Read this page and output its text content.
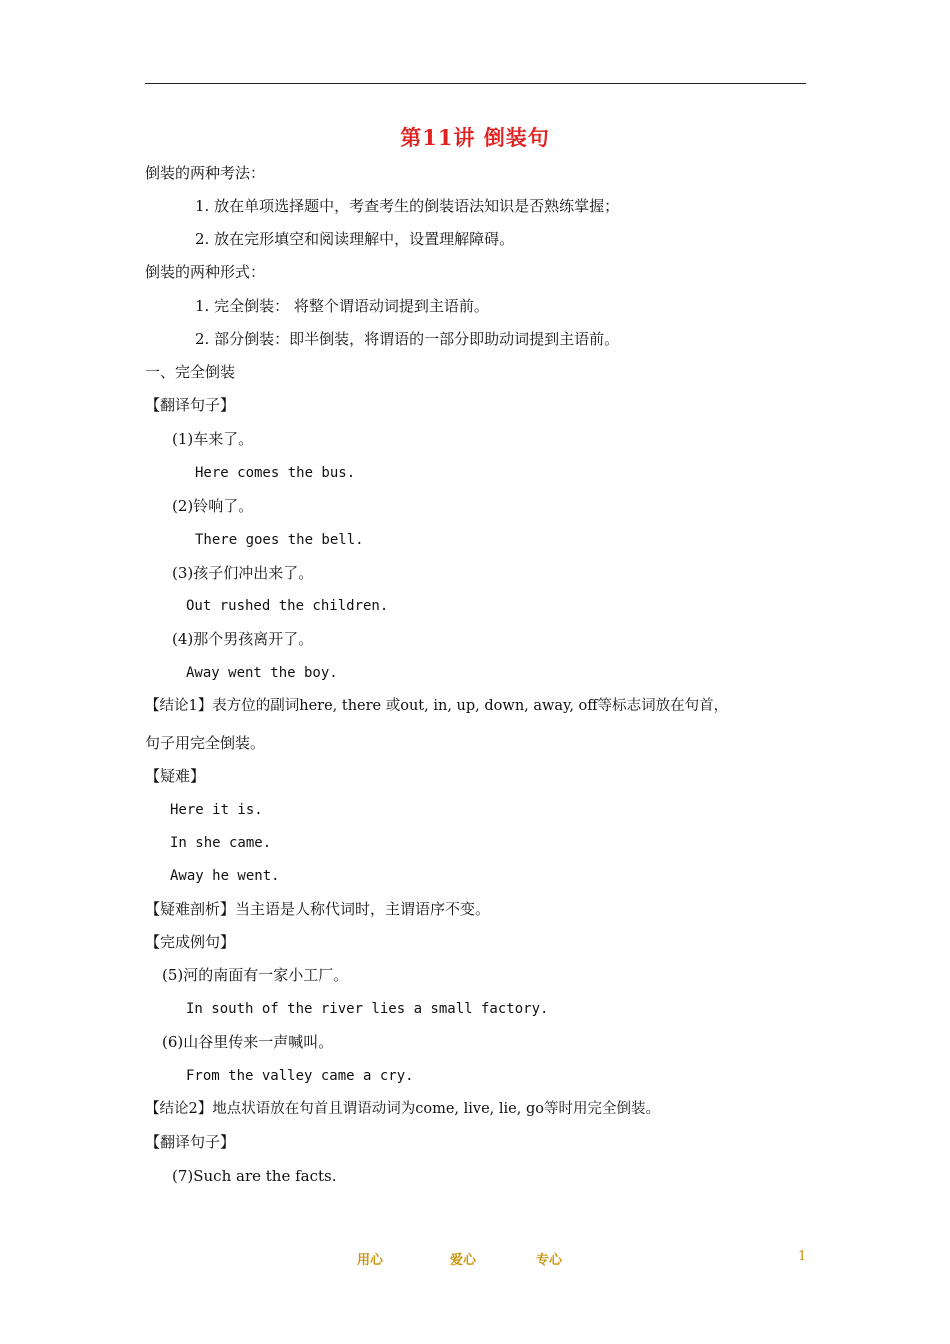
第11讲 倒装句
倒装的两种考法：
1. 放在单项选择题中，考查考生的倒装语法知识是否熟练掌握；
2. 放在完形填空和阅读理解中，设置理解障碍。
倒装的两种形式：
1. 完全倒装： 将整个谓语动词提到主语前。
2. 部分倒装：即半倒装，将谓语的一部分即助动词提到主语前。
一、完全倒装
【翻译句子】
(1)车来了。
Here comes the bus.
(2)铃响了。
There goes the bell.
(3)孩子们冲出来了。
Out rushed the children.
(4)那个男孩离开了。
Away went the boy.
【结论1】表方位的副词here, there 或out, in, up, down, away, off等标志词放在句首，
句子用完全倒装。
【疑难】
Here it is.
In she came.
Away he went.
【疑难剖析】当主语是人称代词时，主谓语序不变。
【完成例句】
(5)河的南面有一家小工厂。
In south of the river lies a small factory.
(6)山谷里传来一声喊叫。
From the valley came a cry.
【结论2】地点状语放在句首且谓语动词为come, live, lie, go等时用完全倒装。
【翻译句子】
(7)Such are the facts.
用心	爱心	专心	1
